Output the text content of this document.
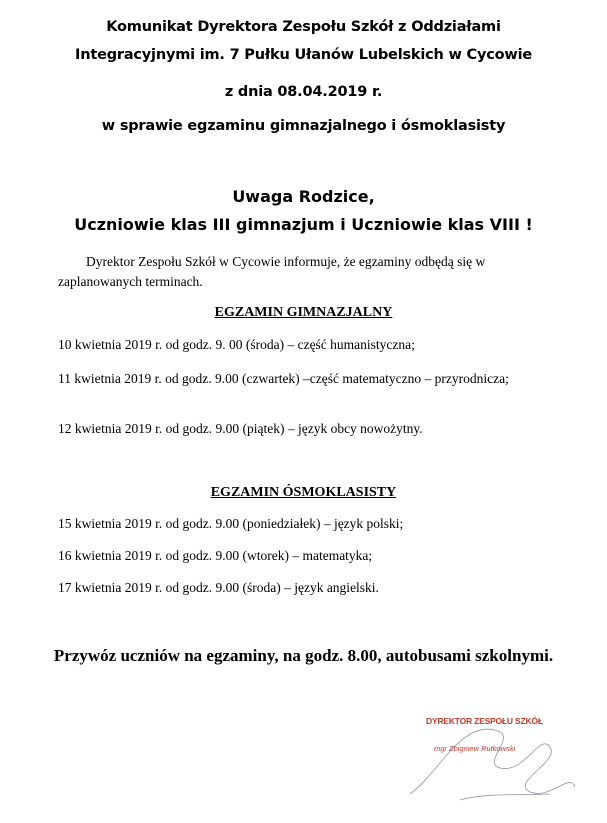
Komunikat Dyrektora Zespołu Szkół z Oddziałami
Integracyjnymi im. 7 Pułku Ułanów Lubelskich w Cycowie
z dnia 08.04.2019 r.
w sprawie egzaminu gimnazjalnego i ósmoklasisty
Uwaga Rodzice,
Uczniowie klas III gimnazjum i Uczniowie klas VIII !
Dyrektor Zespołu Szkół w Cycowie informuje, że egzaminy odbędą się w zaplanowanych terminach.
EGZAMIN GIMNAZJALNY
10 kwietnia 2019 r. od godz. 9. 00 (środa) – część humanistyczna;
11 kwietnia 2019 r. od godz. 9.00 (czwartek) –część matematyczno – przyrodnicza;
12 kwietnia 2019 r. od godz. 9.00 (piątek) – język obcy nowożytny.
EGZAMIN ÓSMOKLASISTY
15 kwietnia 2019 r. od godz. 9.00 (poniedziałek) – język polski;
16 kwietnia 2019 r. od godz. 9.00 (wtorek) – matematyka;
17 kwietnia 2019 r. od godz. 9.00 (środa) – język angielski.
Przywóz uczniów na egzaminy, na godz. 8.00, autobusami szkolnymi.
DYREKTOR ZESPOŁU SZKÓŁ
mgr Zbigniew Rutkowski
